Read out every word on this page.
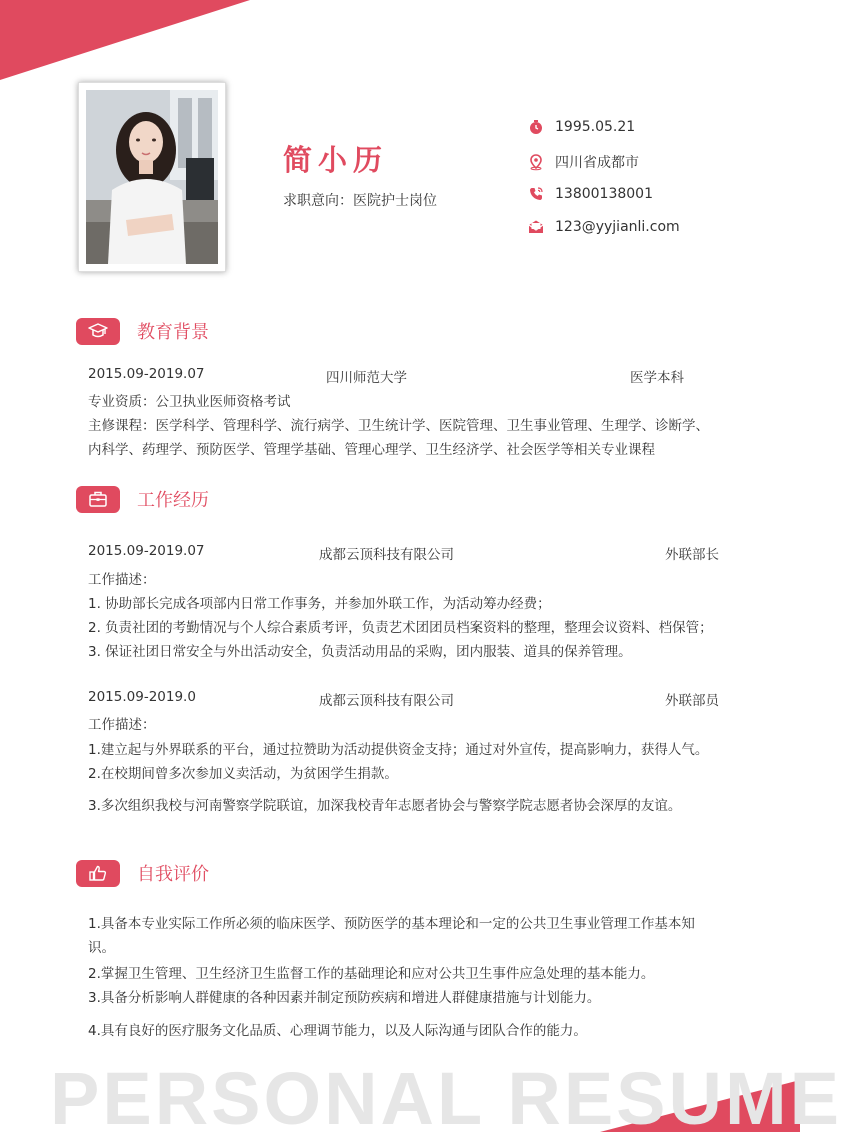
PERSONAL RESUME
简小历
求职意向：医院护士岗位
1995.05.21
四川省成都市
13800138001
123@yyjianli.com
教育背景
2015.09-2019.07	四川师范大学	医学本科
专业资质：公卫执业医师资格考试
主修课程：医学科学、管理科学、流行病学、卫生统计学、医院管理、卫生事业管理、生理学、诊断学、
内科学、药理学、预防医学、管理学基础、管理心理学、卫生经济学、社会医学等相关专业课程
工作经历
2015.09-2019.07	成都云顶科技有限公司	外联部长
工作描述：
1. 协助部长完成各项部内日常工作事务，并参加外联工作，为活动筹办经费；
2. 负责社团的考勤情况与个人综合素质考评，负责艺术团团员档案资料的整理，整理会议资料、档保管；
3. 保证社团日常安全与外出活动安全，负责活动用品的采购，团内服装、道具的保养管理。
2015.09-2019.0	成都云顶科技有限公司	外联部员
工作描述：
1.建立起与外界联系的平台，通过拉赞助为活动提供资金支持；通过对外宣传，提高影响力，获得人气。
2.在校期间曾多次参加义卖活动，为贫困学生捐款。
3.多次组织我校与河南警察学院联谊，加深我校青年志愿者协会与警察学院志愿者协会深厚的友谊。
自我评价
1.具备本专业实际工作所必须的临床医学、预防医学的基本理论和一定的公共卫生事业管理工作基本知
识。
2.掌握卫生管理、卫生经济卫生监督工作的基础理论和应对公共卫生事件应急处理的基本能力。
3.具备分析影响人群健康的各种因素并制定预防疾病和增进人群健康措施与计划能力。
4.具有良好的医疗服务文化品质、心理调节能力，以及人际沟通与团队合作的能力。
